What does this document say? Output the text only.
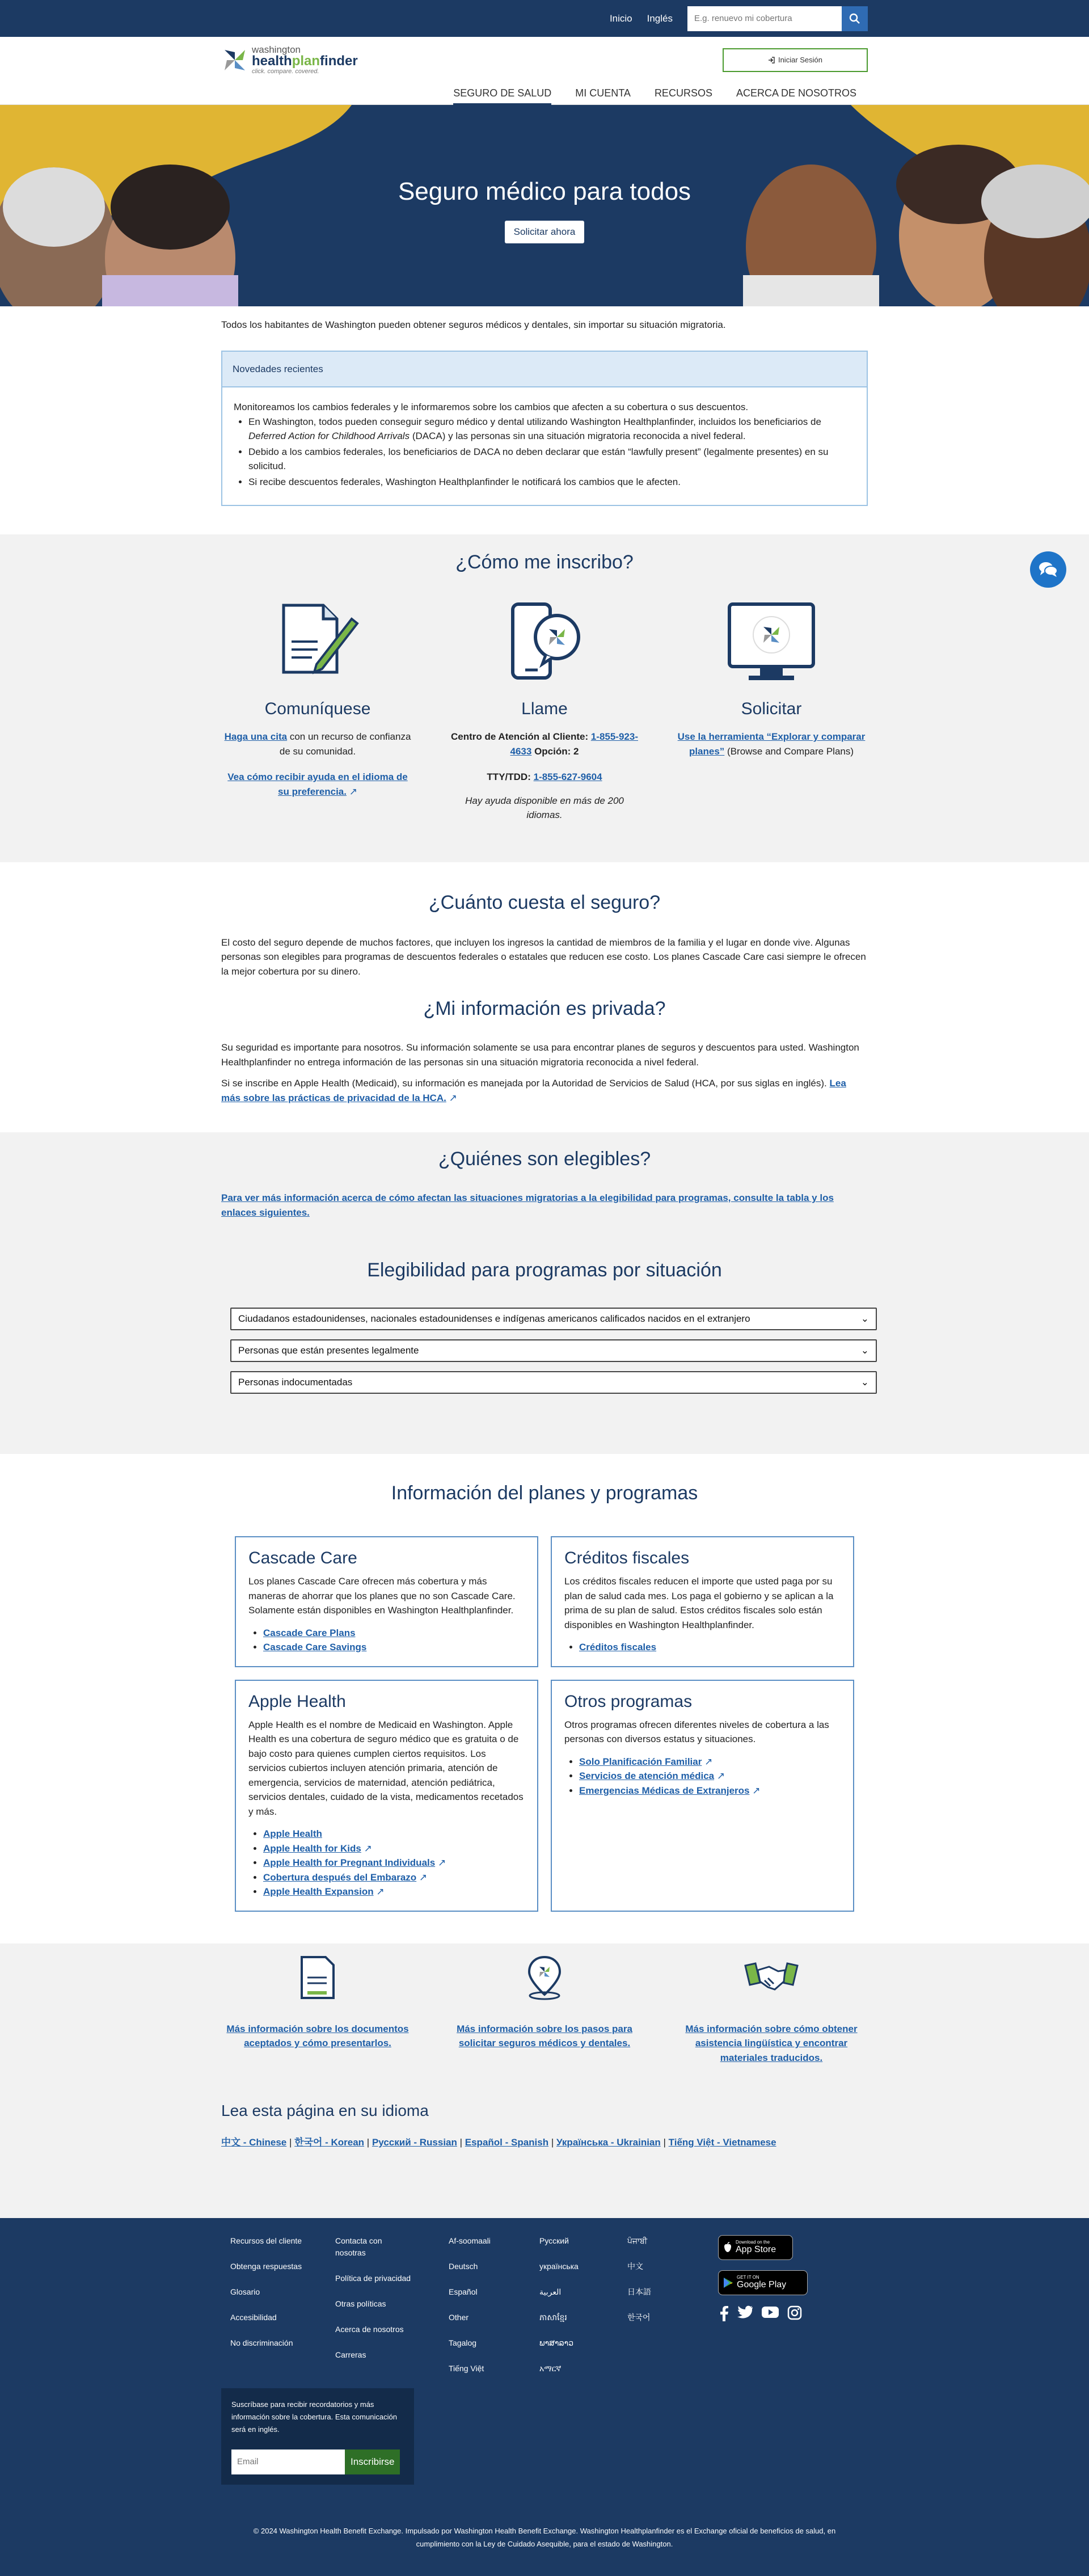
Inicio Inglés
E.g. renuevo mi cobertura
washington
healthplanfinder
click. compare. covered.
Iniciar Sesión
SEGURO DE SALUD MI CUENTA RECURSOS ACERCA DE NOSOTROS
Seguro médico para todos
Solicitar ahora

Todos los habitantes de Washington pueden obtener seguros médicos y dentales, sin importar su situación migratoria.

Novedades recientes

Monitoreamos los cambios federales y le informaremos sobre los cambios que afecten a su cobertura o sus descuentos.

• En Washington, todos pueden conseguir seguro médico y dental utilizando Washington Healthplanfinder, incluidos los beneficiarios de Deferred Action for Childhood Arrivals (DACA) y las personas sin una situación migratoria reconocida a nivel federal.
• Debido a los cambios federales, los beneficiarios de DACA no deben declarar que están “lawfully present” (legalmente presentes) en su solicitud.
• Si recibe descuentos federales, Washington Healthplanfinder le notificará los cambios que le afecten.
¿Cómo me inscribo?
Comuníquese

Haga una cita con un recurso de confianza de su comunidad.

Vea cómo recibir ayuda en el idioma de su preferencia. ↗

Llame

Centro de Atención al Cliente: 1-855-923-4633 Opción: 2

TTY/TDD: 1-855-627-9604

Hay ayuda disponible en más de 200 idiomas.

Solicitar

Use la herramienta “Explorar y comparar planes” (Browse and Compare Plans)

¿Cuánto cuesta el seguro?

El costo del seguro depende de muchos factores, que incluyen los ingresos la cantidad de miembros de la familia y el lugar en donde vive. Algunas personas son elegibles para programas de descuentos federales o estatales que reducen ese costo. Los planes Cascade Care casi siempre le ofrecen la mejor cobertura por su dinero.

¿Mi información es privada?

Su seguridad es importante para nosotros. Su información solamente se usa para encontrar planes de seguros y descuentos para usted. Washington Healthplanfinder no entrega información de las personas sin una situación migratoria reconocida a nivel federal.

Si se inscribe en Apple Health (Medicaid), su información es manejada por la Autoridad de Servicios de Salud (HCA, por sus siglas en inglés). Lea más sobre las prácticas de privacidad de la HCA. ↗

¿Quiénes son elegibles?

Para ver más información acerca de cómo afectan las situaciones migratorias a la elegibilidad para programas, consulte la tabla y los enlaces siguientes.

Elegibilidad para programas por situación
Ciudadanos estadounidenses, nacionales estadounidenses e indígenas americanos calificados nacidos en el extranjero	⌄
Personas que están presentes legalmente	⌄
Personas indocumentadas	⌄
Información del planes y programas
Cascade Care

Los planes Cascade Care ofrecen más cobertura y más maneras de ahorrar que los planes que no son Cascade Care. Solamente están disponibles en Washington Healthplanfinder.

• Cascade Care Plans
• Cascade Care Savings
Créditos fiscales

Los créditos fiscales reducen el importe que usted paga por su plan de salud cada mes. Los paga el gobierno y se aplican a la prima de su plan de salud. Estos créditos fiscales solo están disponibles en Washington Healthplanfinder.

• Créditos fiscales
Apple Health

Apple Health es el nombre de Medicaid en Washington. Apple Health es una cobertura de seguro médico que es gratuita o de bajo costo para quienes cumplen ciertos requisitos. Los servicios cubiertos incluyen atención primaria, atención de emergencia, servicios de maternidad, atención pediátrica, servicios dentales, cuidado de la vista, medicamentos recetados y más.

• Apple Health
• Apple Health for Kids ↗
• Apple Health for Pregnant Individuals ↗
• Cobertura después del Embarazo ↗
• Apple Health Expansion ↗
Otros programas

Otros programas ofrecen diferentes niveles de cobertura a las personas con diversos estatus y situaciones.

• Solo Planificación Familiar ↗
• Servicios de atención médica ↗
• Emergencias Médicas de Extranjeros ↗

Más información sobre los documentos aceptados y cómo presentarlos.

Más información sobre los pasos para solicitar seguros médicos y dentales.

Más información sobre cómo obtener asistencia lingüística y encontrar materiales traducidos.

Lea esta página en su idioma

中文 - Chinese | 한국어 - Korean | Русский - Russian | Español - Spanish | Українська - Ukrainian | Tiếng Việt - Vietnamese

Recursos del cliente
Obtenga respuestas
Glosario
Accesibilidad
No discriminación
Contacta con nosotras
Política de privacidad
Otras políticas
Acerca de nosotros
Carreras
Af-soomaali
Deutsch
Español
Other
Tagalog
Tiếng Việt
Русский
українська
العربية
ភាសាខ្មែរ
ພາສາລາວ
አማርኛ
ਪੰਜਾਬੀ
中文
日本語
한국어
Download on the
App Store
GET IT ON
Google Play

Suscríbase para recibir recordatorios y más información sobre la cobertura. Esta comunicación será en inglés.

Email
Inscribirse
© 2024 Washington Health Benefit Exchange. Impulsado por Washington Health Benefit Exchange. Washington Healthplanfinder es el Exchange oficial de beneficios de salud, en cumplimiento con la Ley de Cuidado Asequible, para el estado de Washington.
